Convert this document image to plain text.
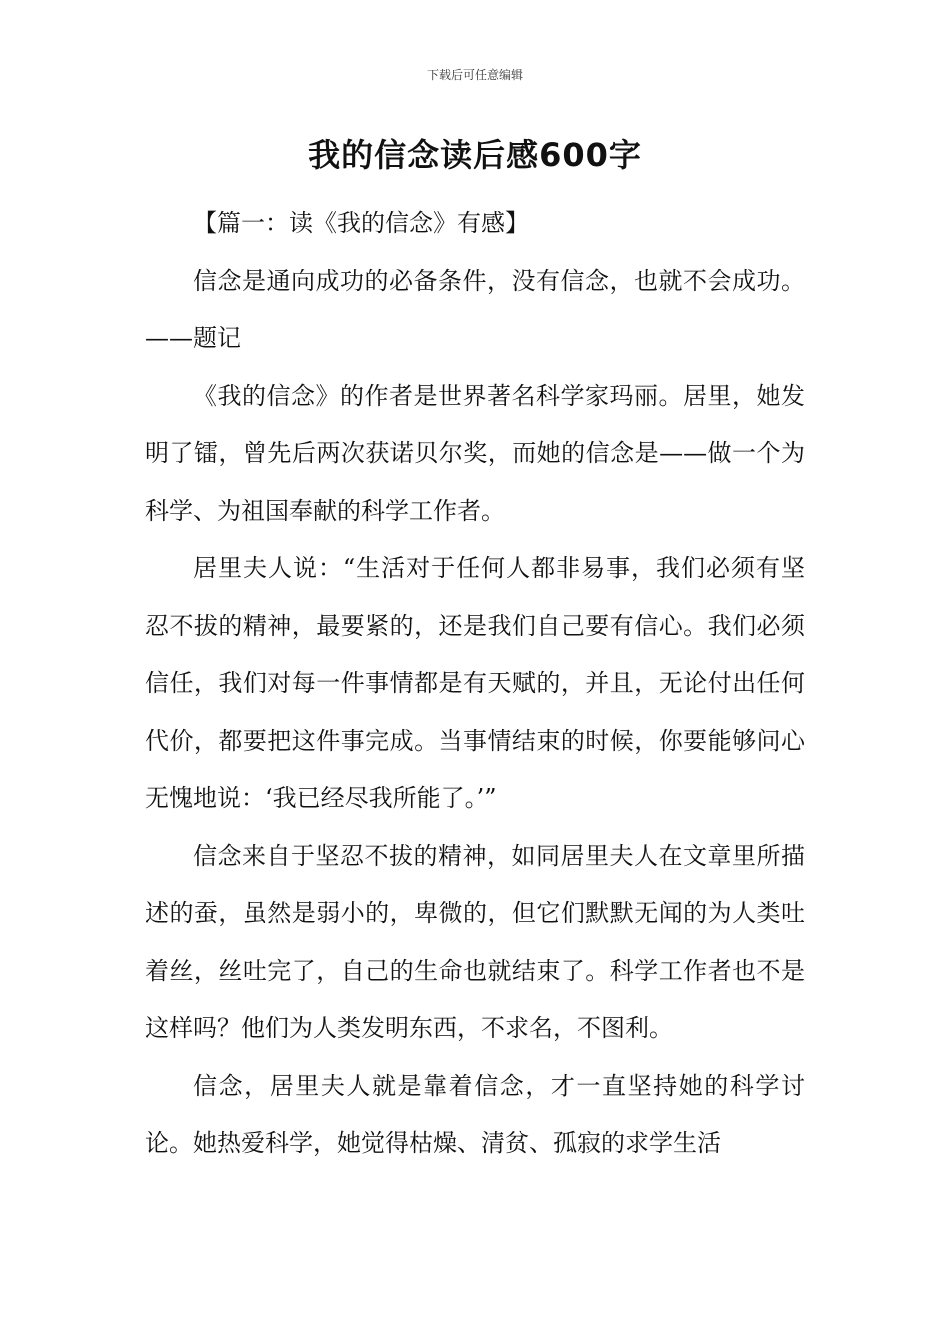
下载后可任意编辑
我的信念读后感600字

【篇一：读《我的信念》有感】

信念是通向成功的必备条件，没有信念，也就不会成功。——题记

《我的信念》的作者是世界著名科学家玛丽。居里，她发明了镭，曾先后两次获诺贝尔奖，而她的信念是——做一个为科学、为祖国奉献的科学工作者。

居里夫人说：“生活对于任何人都非易事，我们必须有坚忍不拔的精神，最要紧的，还是我们自己要有信心。我们必须信任，我们对每一件事情都是有天赋的，并且，无论付出任何代价，都要把这件事完成。当事情结束的时候，你要能够问心无愧地说：‘我已经尽我所能了。’”

信念来自于坚忍不拔的精神，如同居里夫人在文章里所描述的蚕，虽然是弱小的，卑微的，但它们默默无闻的为人类吐着丝，丝吐完了，自己的生命也就结束了。科学工作者也不是这样吗？他们为人类发明东西，不求名，不图利。

信念，居里夫人就是靠着信念，才一直坚持她的科学讨论。她热爱科学，她觉得枯燥、清贫、孤寂的求学生活
